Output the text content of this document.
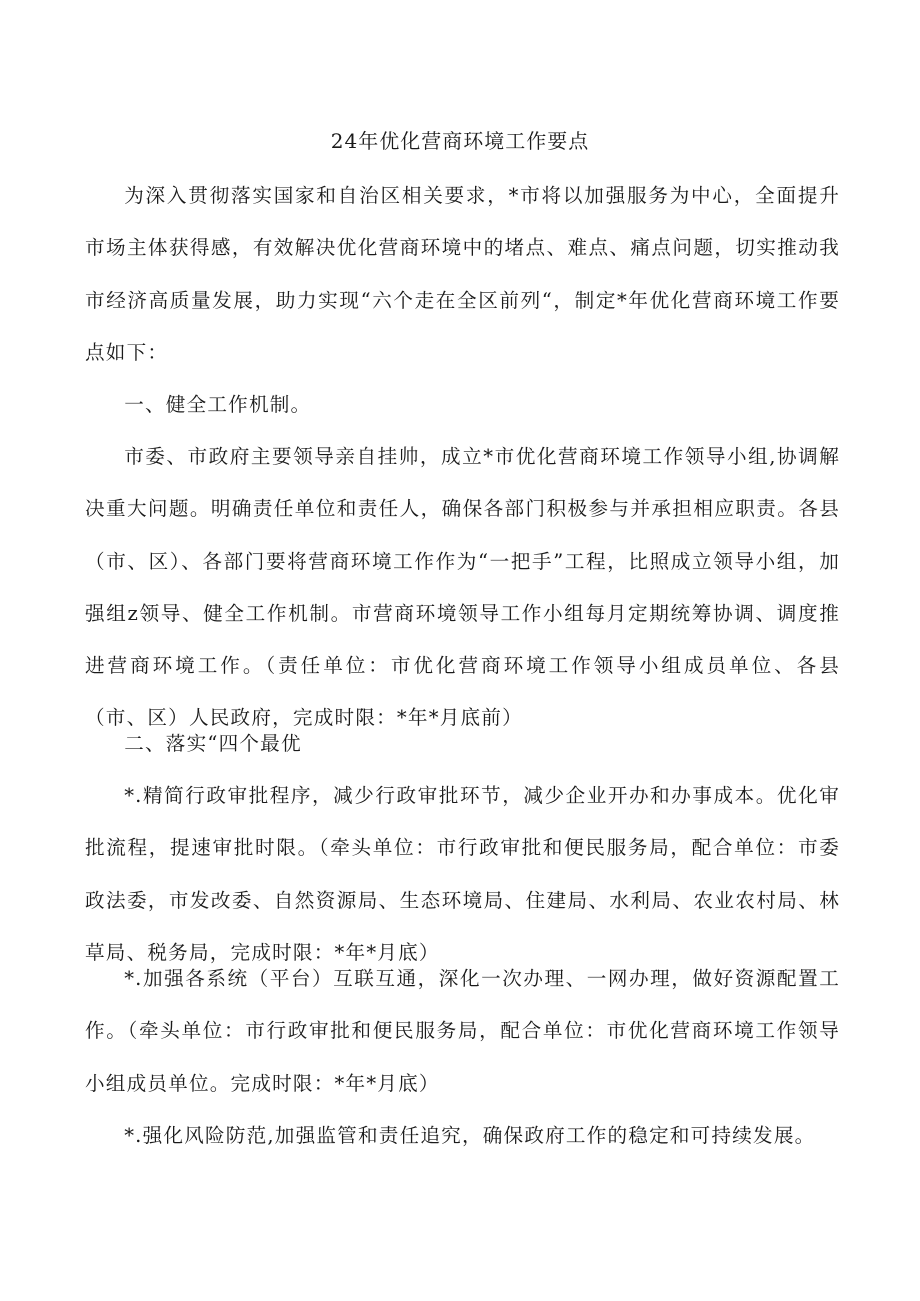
24年优化营商环境工作要点

为深入贯彻落实国家和自治区相关要求，*市将以加强服务为中心，全面提升市场主体获得感，有效解决优化营商环境中的堵点、难点、痛点问题，切实推动我市经济高质量发展，助力实现“六个走在全区前列“，制定*年优化营商环境工作要点如下：

一、健全工作机制。

市委、市政府主要领导亲自挂帅，成立*市优化营商环境工作领导小组,协调解决重大问题。明确责任单位和责任人，确保各部门积极参与并承担相应职责。各县（市、区）、各部门要将营商环境工作作为“一把手”工程，比照成立领导小组，加强组z领导、健全工作机制。市营商环境领导工作小组每月定期统筹协调、调度推进营商环境工作。（责任单位：市优化营商环境工作领导小组成员单位、各县（市、区）人民政府，完成时限：*年*月底前）

二、落实“四个最优

*.精简行政审批程序，减少行政审批环节，减少企业开办和办事成本。优化审批流程，提速审批时限。（牵头单位：市行政审批和便民服务局，配合单位：市委政法委，市发改委、自然资源局、生态环境局、住建局、水利局、农业农村局、林草局、税务局，完成时限：*年*月底）

*.加强各系统（平台）互联互通，深化一次办理、一网办理，做好资源配置工作。（牵头单位：市行政审批和便民服务局，配合单位：市优化营商环境工作领导小组成员单位。完成时限：*年*月底）

*.强化风险防范,加强监管和责任追究，确保政府工作的稳定和可持续发展。
